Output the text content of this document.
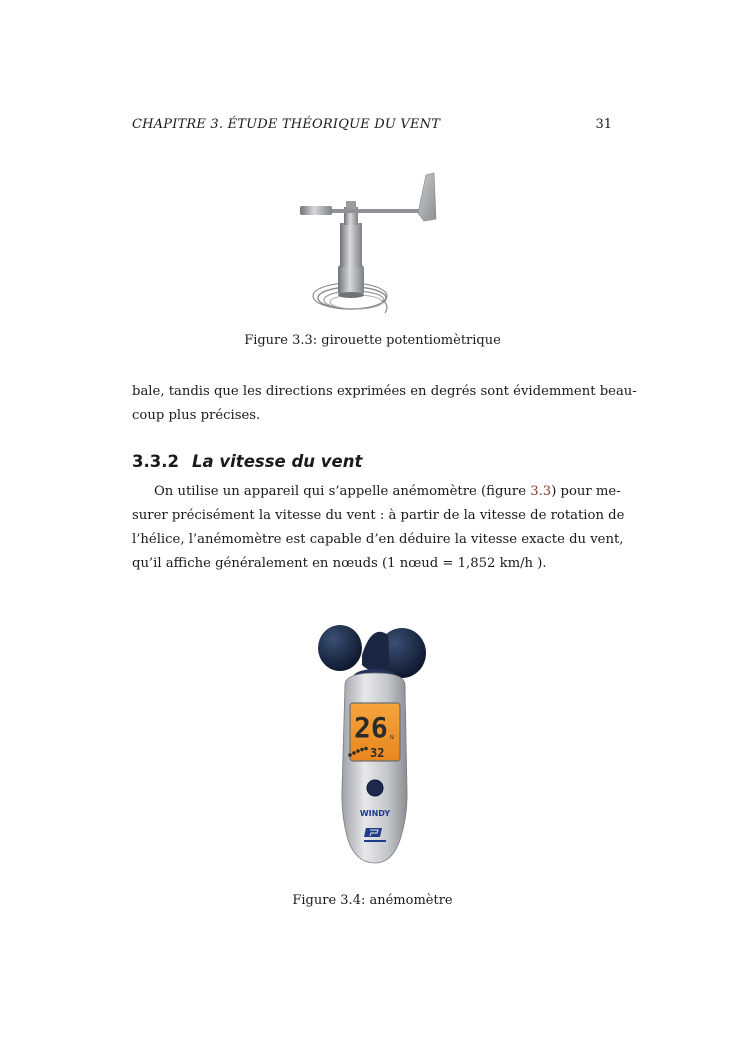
CHAPITRE 3. ÉTUDE THÉORIQUE DU VENT	31
Figure 3.3: girouette potentiomètrique
bale, tandis que les directions exprimées en degrés sont évidemment beau-
coup plus précises.
3.3.2 La vitesse du vent
On utilise un appareil qui s’appelle anémomètre (figure 3.3) pour me-
surer précisément la vitesse du vent : à partir de la vitesse de rotation de
l’hélice, l’anémomètre est capable d’en déduire la vitesse exacte du vent,
qu’il affiche généralement en nœuds (1 nœud = 1,852 km/h ).
26 N
32
WINDY
Figure 3.4: anémomètre
